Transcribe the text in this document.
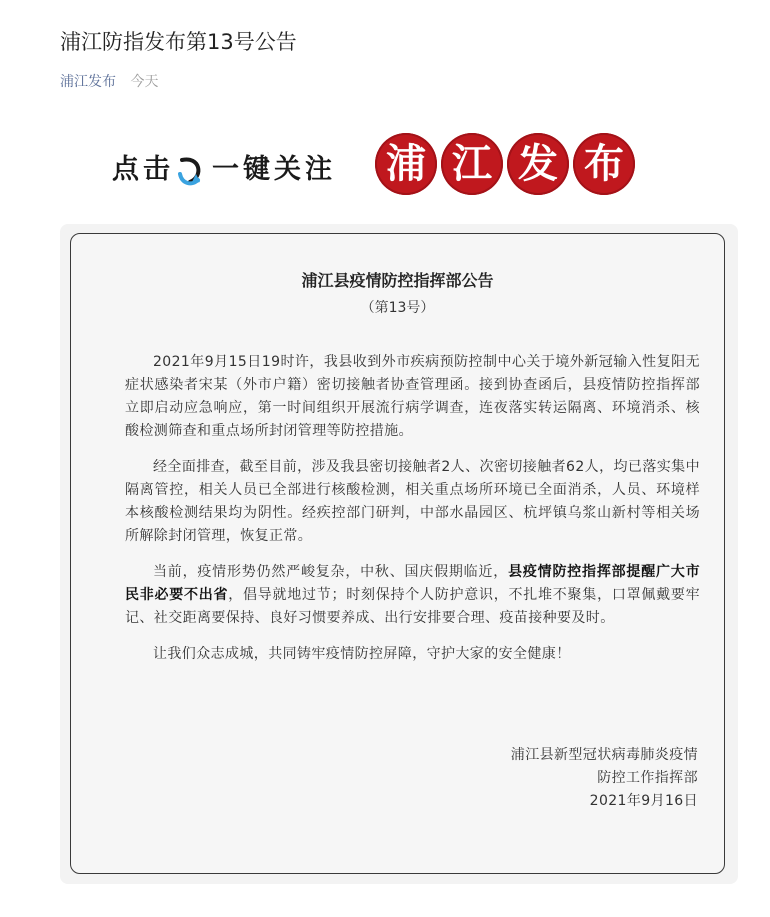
浦江防指发布第13号公告
浦江发布 今天
点击 一键关注 浦 江 发 布
浦江县疫情防控指挥部公告
（第13号）

2021年9月15日19时许，我县收到外市疾病预防控制中心关于境外新冠输入性复阳无症状感染者宋某（外市户籍）密切接触者协查管理函。接到协查函后，县疫情防控指挥部立即启动应急响应，第一时间组织开展流行病学调查，连夜落实转运隔离、环境消杀、核酸检测筛查和重点场所封闭管理等防控措施。

经全面排查，截至目前，涉及我县密切接触者2人、次密切接触者62人，均已落实集中隔离管控，相关人员已全部进行核酸检测，相关重点场所环境已全面消杀，人员、环境样本核酸检测结果均为阴性。经疾控部门研判，中部水晶园区、杭坪镇乌浆山新村等相关场所解除封闭管理，恢复正常。

当前，疫情形势仍然严峻复杂，中秋、国庆假期临近，县疫情防控指挥部提醒广大市民非必要不出省，倡导就地过节；时刻保持个人防护意识，不扎堆不聚集，口罩佩戴要牢记、社交距离要保持、良好习惯要养成、出行安排要合理、疫苗接种要及时。

让我们众志成城，共同铸牢疫情防控屏障，守护大家的安全健康！

浦江县新型冠状病毒肺炎疫情
防控工作指挥部
2021年9月16日
